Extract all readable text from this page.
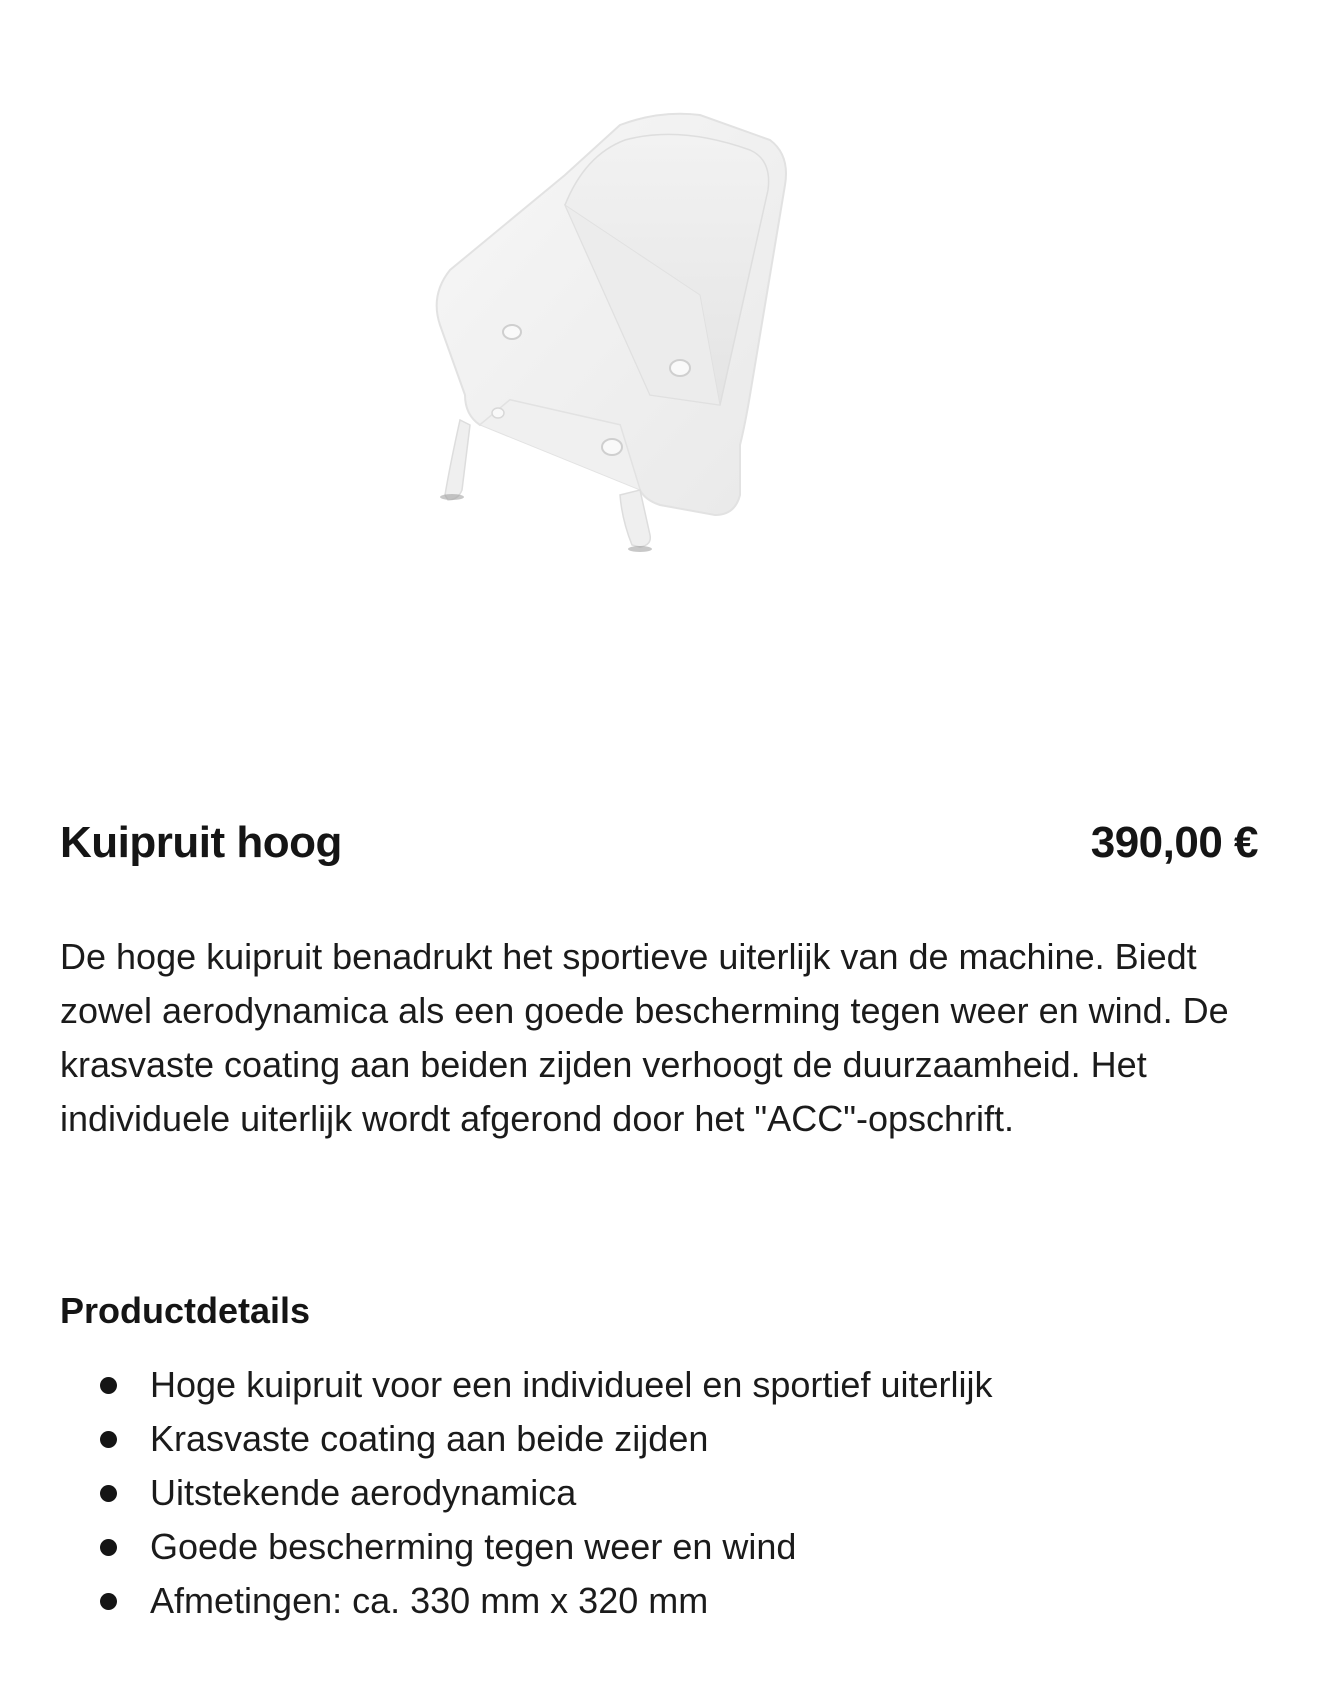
Kuipruit hoog	390,00 €

De hoge kuipruit benadrukt het sportieve uiterlijk van de machine. Biedt zowel aerodynamica als een goede bescherming tegen weer en wind. De krasvaste coating aan beiden zijden verhoogt de duurzaamheid. Het individuele uiterlijk wordt afgerond door het "ACC"-opschrift.

Productdetails
Hoge kuipruit voor een individueel en sportief uiterlijk
Krasvaste coating aan beide zijden
Uitstekende aerodynamica
Goede bescherming tegen weer en wind
Afmetingen: ca. 330 mm x 320 mm
